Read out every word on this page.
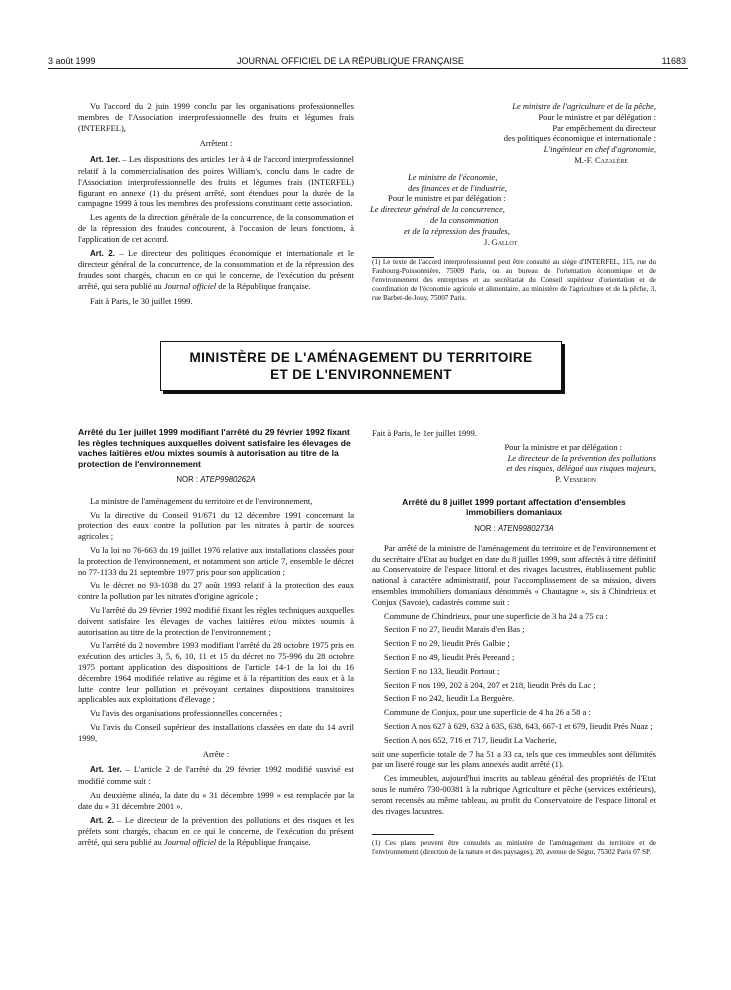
3 août 1999	JOURNAL OFFICIEL DE LA RÉPUBLIQUE FRANÇAISE	11683

Vu l'accord du 2 juin 1999 conclu par les organisations professionnelles membres de l'Association interprofessionnelle des fruits et légumes frais (INTERFEL),

Arrêtent :

Art. 1er. – Les dispositions des articles 1er à 4 de l'accord interprofessionnel relatif à la commercialisation des poires William's, conclu dans le cadre de l'Association interprofessionnelle des fruits et légumes frais (INTERFEL) figurant en annexe (1) du présent arrêté, sont étendues pour la durée de la campagne 1999 à tous les membres des professions constituant cette association.

Les agents de la direction générale de la concurrence, de la consommation et de la répression des fraudes concourent, à l'occasion de leurs fonctions, à l'application de cet accord.

Art. 2. – Le directeur des politiques économique et internationale et le directeur général de la concurrence, de la consommation et de la répression des fraudes sont chargés, chacun en ce qui le concerne, de l'exécution du présent arrêté, qui sera publié au Journal officiel de la République française.

Fait à Paris, le 30 juillet 1999.

Le ministre de l'agriculture et de la pêche,
Pour le ministre et par délégation :
Par empêchement du directeur
des politiques économique et internationale :
L'ingénieur en chef d'agronomie,
M.-F. Cazalère
Le ministre de l'économie,
des finances et de l'industrie,
Pour le ministre et par délégation :
Le directeur général de la concurrence,
de la consommation
et de la répression des fraudes,
J. Gallot
(1) Le texte de l'accord interprofessionnel peut être consulté au siège d'INTERFEL, 115, rue du Faubourg-Poissonnière, 75009 Paris, ou au bureau de l'orientation économique et de l'environnement des entreprises et au secrétariat du Conseil supérieur d'orientation et de coordination de l'économie agricole et alimentaire, au ministère de l'agriculture et de la pêche, 3, rue Barbet-de-Jouy, 75007 Paris.
MINISTÈRE DE L'AMÉNAGEMENT DU TERRITOIRE
ET DE L'ENVIRONNEMENT
Arrêté du 1er juillet 1999 modifiant l'arrêté du 29 février 1992 fixant les règles techniques auxquelles doivent satisfaire les élevages de vaches laitières et/ou mixtes soumis à autorisation au titre de la protection de l'environnement
NOR : ATEP9980262A

La ministre de l'aménagement du territoire et de l'environnement,

Vu la directive du Conseil 91/671 du 12 décembre 1991 concernant la protection des eaux contre la pollution par les nitrates à partir de sources agricoles ;

Vu la loi no 76-663 du 19 juillet 1976 relative aux installations classées pour la protection de l'environnement, et notamment son article 7, ensemble le décret no 77-1133 du 21 septembre 1977 pris pour son application ;

Vu le décret no 93-1038 du 27 août 1993 relatif à la protection des eaux contre la pollution par les nitrates d'origine agricole ;

Vu l'arrêté du 29 février 1992 modifié fixant les règles techniques auxquelles doivent satisfaire les élevages de vaches laitières et/ou mixtes soumis à autorisation au titre de la protection de l'environnement ;

Vu l'arrêté du 2 novembre 1993 modifiant l'arrêté du 28 octobre 1975 pris en exécution des articles 3, 5, 6, 10, 11 et 15 du décret no 75-996 du 28 octobre 1975 portant application des dispositions de l'article 14-1 de la loi du 16 décembre 1964 modifiée relative au régime et à la répartition des eaux et à la lutte contre leur pollution et prévoyant certaines dispositions transitoires applicables aux exploitations d'élevage ;

Vu l'avis des organisations professionnelles concernées ;

Vu l'avis du Conseil supérieur des installations classées en date du 14 avril 1999,

Arrête :

Art. 1er. – L'article 2 de l'arrêté du 29 février 1992 modifié susvisé est modifié comme suit :

Au deuxième alinéa, la date du « 31 décembre 1999 » est remplacée par la date du « 31 décembre 2001 ».

Art. 2. – Le directeur de la prévention des pollutions et des risques et les préfets sont chargés, chacun en ce qui le concerne, de l'exécution du présent arrêté, qui sera publié au Journal officiel de la République française.

Fait à Paris, le 1er juillet 1999.

Pour la ministre et par délégation :
Le directeur de la prévention des pollutions
et des risques, délégué aux risques majeurs,
P. Vesseron
Arrêté du 8 juillet 1999 portant affectation d'ensembles immobiliers domaniaux
NOR : ATEN9980273A

Par arrêté de la ministre de l'aménagement du territoire et de l'environnement et du secrétaire d'Etat au budget en date du 8 juillet 1999, sont affectés à titre définitif au Conservatoire de l'espace littoral et des rivages lacustres, établissement public national à caractère administratif, pour l'accomplissement de sa mission, divers ensembles immobiliers domaniaux dénommés « Chautagne », sis à Chindrieux et Conjux (Savoie), cadastrés comme suit :

Commune de Chindrieux, pour une superficie de 3 ha 24 a 75 ca :

Section F no 27, lieudit Marais d'en Bas ;

Section F no 29, lieudit Prés Galbie ;

Section F no 49, lieudit Prés Pereand ;

Section F no 133, lieudit Portout ;

Section F nos 199, 202 à 204, 207 et 218, lieudit Prés du Lac ;

Section F no 242, lieudit La Berguère.

Commune de Conjux, pour une superficie de 4 ha 26 a 58 a :

Section A nos 627 à 629, 632 à 635, 638, 643, 667-1 et 679, lieudit Prés Nuaz ;

Section A nos 652, 716 et 717, lieudit La Vacherie,

soit une superficie totale de 7 ha 51 a 33 ca, tels que ces immeubles sont délimités par un liseré rouge sur les plans annexés audit arrêté (1).

Ces immeubles, aujourd'hui inscrits au tableau général des propriétés de l'Etat sous le numéro 730-00381 à la rubrique Agriculture et pêche (services extérieurs), seront recensés au même tableau, au profit du Conservatoire de l'espace littoral et des rivages lacustres.

(1) Ces plans peuvent être consultés au ministère de l'aménagement du territoire et de l'environnement (direction de la nature et des paysages), 20, avenue de Ségur, 75302 Paris 07 SP.
